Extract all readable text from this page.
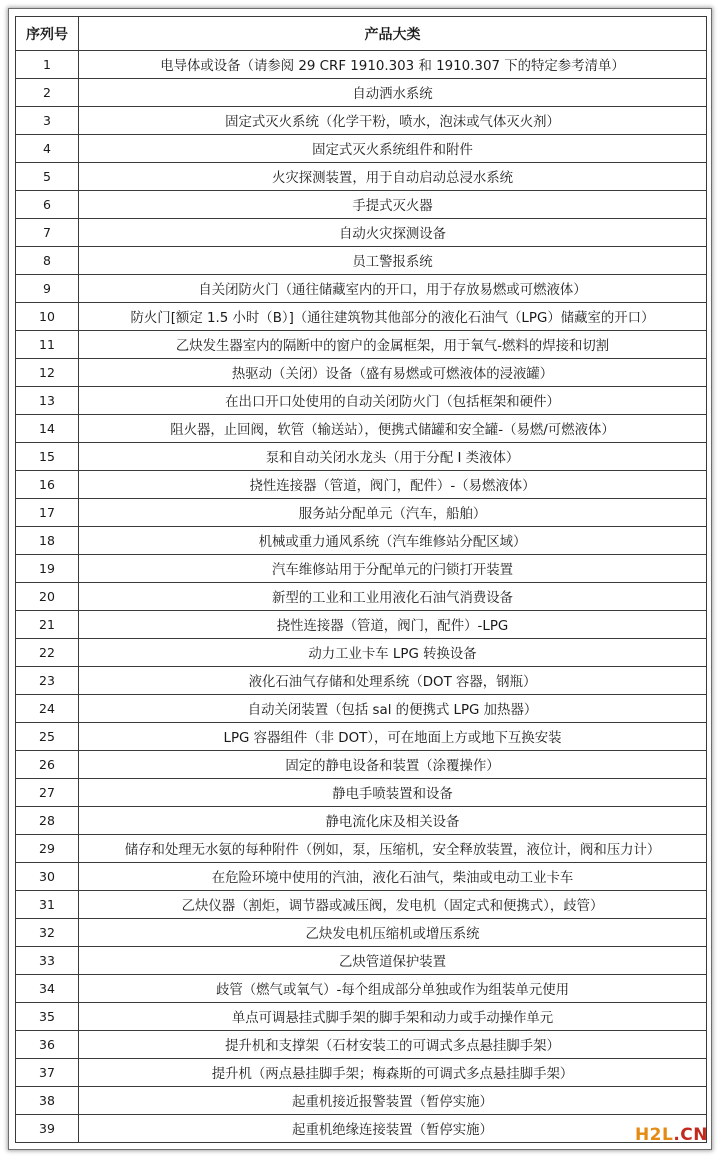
序列号	产品大类
1	电导体或设备（请参阅 29 CRF 1910.303 和 1910.307 下的特定参考清单）
2	自动洒水系统
3	固定式灭火系统（化学干粉，喷水，泡沫或气体灭火剂）
4	固定式灭火系统组件和附件
5	火灾探测装置，用于自动启动总浸水系统
6	手提式灭火器
7	自动火灾探测设备
8	员工警报系统
9	自关闭防火门（通往储藏室内的开口，用于存放易燃或可燃液体）
10	防火门[额定 1.5 小时（B）]（通往建筑物其他部分的液化石油气（LPG）储藏室的开口）
11	乙炔发生器室内的隔断中的窗户的金属框架，用于氧气-燃料的焊接和切割
12	热驱动（关闭）设备（盛有易燃或可燃液体的浸液罐）
13	在出口开口处使用的自动关闭防火门（包括框架和硬件）
14	阻火器，止回阀，软管（输送站），便携式储罐和安全罐-（易燃/可燃液体）
15	泵和自动关闭水龙头（用于分配 I 类液体）
16	挠性连接器（管道，阀门，配件）-（易燃液体）
17	服务站分配单元（汽车，船舶）
18	机械或重力通风系统（汽车维修站分配区域）
19	汽车维修站用于分配单元的闩锁打开装置
20	新型的工业和工业用液化石油气消费设备
21	挠性连接器（管道，阀门，配件）-LPG
22	动力工业卡车 LPG 转换设备
23	液化石油气存储和处理系统（DOT 容器，钢瓶）
24	自动关闭装置（包括 sal 的便携式 LPG 加热器）
25	LPG 容器组件（非 DOT），可在地面上方或地下互换安装
26	固定的静电设备和装置（涂覆操作）
27	静电手喷装置和设备
28	静电流化床及相关设备
29	储存和处理无水氨的每种附件（例如，泵，压缩机，安全释放装置，液位计，阀和压力计）
30	在危险环境中使用的汽油，液化石油气，柴油或电动工业卡车
31	乙炔仪器（割炬，调节器或减压阀，发电机（固定式和便携式），歧管）
32	乙炔发电机压缩机或增压系统
33	乙炔管道保护装置
34	歧管（燃气或氧气）-每个组成部分单独或作为组装单元使用
35	单点可调悬挂式脚手架的脚手架和动力或手动操作单元
36	提升机和支撑架（石材安装工的可调式多点悬挂脚手架）
37	提升机（两点悬挂脚手架；梅森斯的可调式多点悬挂脚手架）
38	起重机接近报警装置（暂停实施）
39	起重机绝缘连接装置（暂停实施）	H2L.CN
